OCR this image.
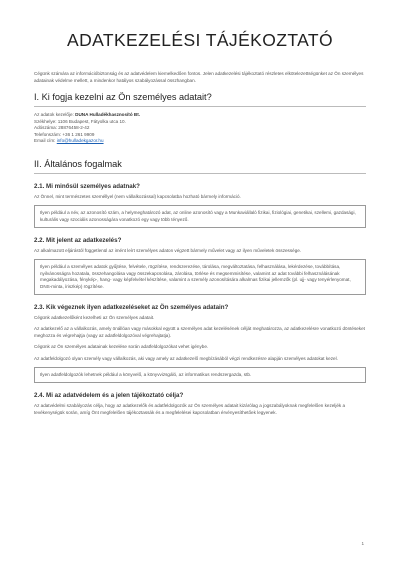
ADATKEZELÉSI TÁJÉKOZTATÓ

Cégünk számára az információbiztonság és az adatvédelem kiemelkedően fontos. Jelen adatkezelési tájékoztató részletes elkötelezettségünket az Ön személyes adatainak védelme mellett, a mindenkor hatályos szabályozással összhangban.

I. Ki fogja kezelni az Ön személyes adatait?
Az adatok kezelője: DUNA Hulladékhasznosító Bt.
Székhelye: 1106 Budapest, Fátyolka utca 10.
Adószáma: 28876458-2-42
Telefonszám: +36 1 261 9909
Email cím: info@hulladekgazor.hu
II. Általános fogalmak
2.1. Mi minősül személyes adatnak?

Az Önnel, mint természetes személlyel (nem vállalkozással) kapcsolatba hozható bármely információ.

Ilyen például a név, az azonosító szám, a helymeghatározó adat, az online azonosító vagy a Munkaviállaló fizikai, fiziológiai, genetikai, szellemi, gazdasági, kulturális vagy szociális azonosságára vonatkozó egy vagy több tényező.
2.2. Mit jelent az adatkezelés?

Az alkalmazott eljárástól függetlenül az imént leírt személyes adaton végzett bármely művelet vagy az ilyen műveletek összessége.

Ilyen például a személyes adatok gyűjtése, felvétele, rögzítése, rendszerezése, tárolása, megváltoztatása, felhasználása, lekérdezése, továbbítása, nyilvánosságra hozatala, összehangolása vagy összekapcsolása, zárolása, törlése és megsemmisítése, valamint az adat további felhasználásának megakadályozása, fénykép-, hang- vagy képfelvétel készítése, valamint a személy azonosítására alkalmas fizikai jellemzők (pl. ujj- vagy tenyérlenyomat, DNS-minta, íriszkép) rögzítése.
2.3. Kik végeznek ilyen adatkezeléseket az Ön személyes adatain?

Cégünk adatkezelőként kezelheti az Ön személyes adatait.

Az adatkezelő az a vállalkozás, amely önállóan vagy másokkal együtt a személyes adat kezelésének célját meghatározza, az adatkezelésre vonatkozó döntéseket meghozza és végrehajtja (vagy az adatfeldolgozóval végrehajtatja).

Cégünk az Ön személyes adatainak kezelése során adatfeldolgozókat vehet igénybe.

Az adatfeldolgozó olyan személy vagy vállalkozás, aki vagy amely az adatkezelő megbízásából végzi rendkezésre alapján személyes adatokat kezel.

Ilyen adatfeldolgozók lehetnek például a könyvelő, a könyvvizsgáló, az informatikus rendszergazda, stb.
2.4. Mi az adatvédelem és a jelen tájékoztató célja?

Az adatvédelmi szabályozás célja, hogy az adatkezelők és adatfeldolgozók az Ön személyes adatait kizárólag a jogszabályoknak megfelelően kezeljék a tevékenységük során, amíg Önt megfelelően tájékoztassák és a megfelelései kapcsolatban érvényesíthetőek legyenek.

1
